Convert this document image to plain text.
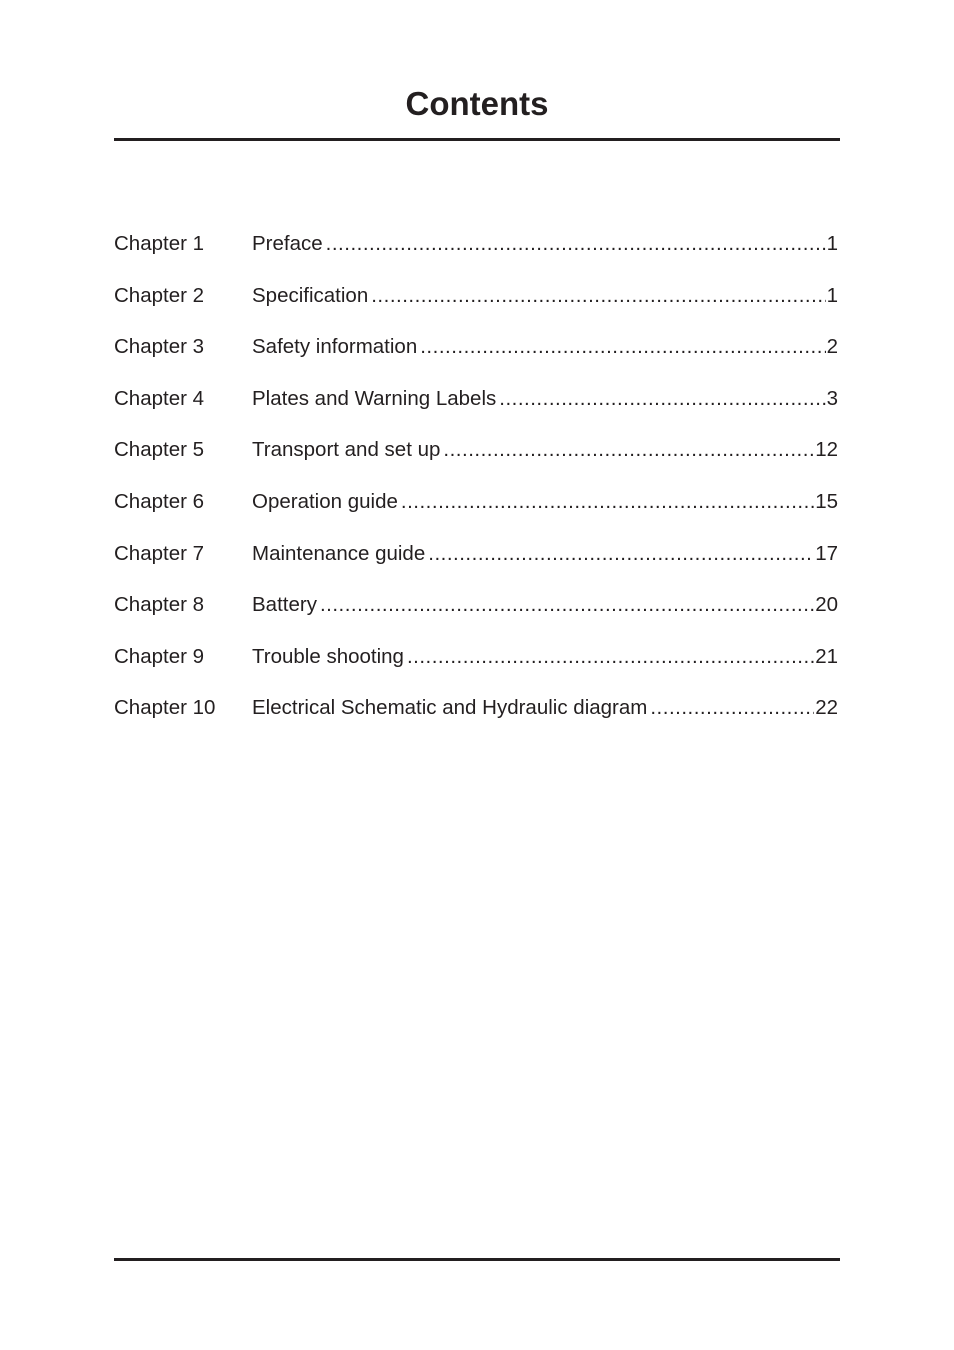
Contents
Chapter 1	Preface .....	1
Chapter 2	Specification .....	1
Chapter 3	Safety information .....	2
Chapter 4	Plates and Warning Labels .....	3
Chapter 5	Transport and set up .....	12
Chapter 6	Operation guide .....	15
Chapter 7	Maintenance guide .....	17
Chapter 8	Battery .....	20
Chapter 9	Trouble shooting .....	21
Chapter 10	Electrical Schematic and Hydraulic diagram .....	22
